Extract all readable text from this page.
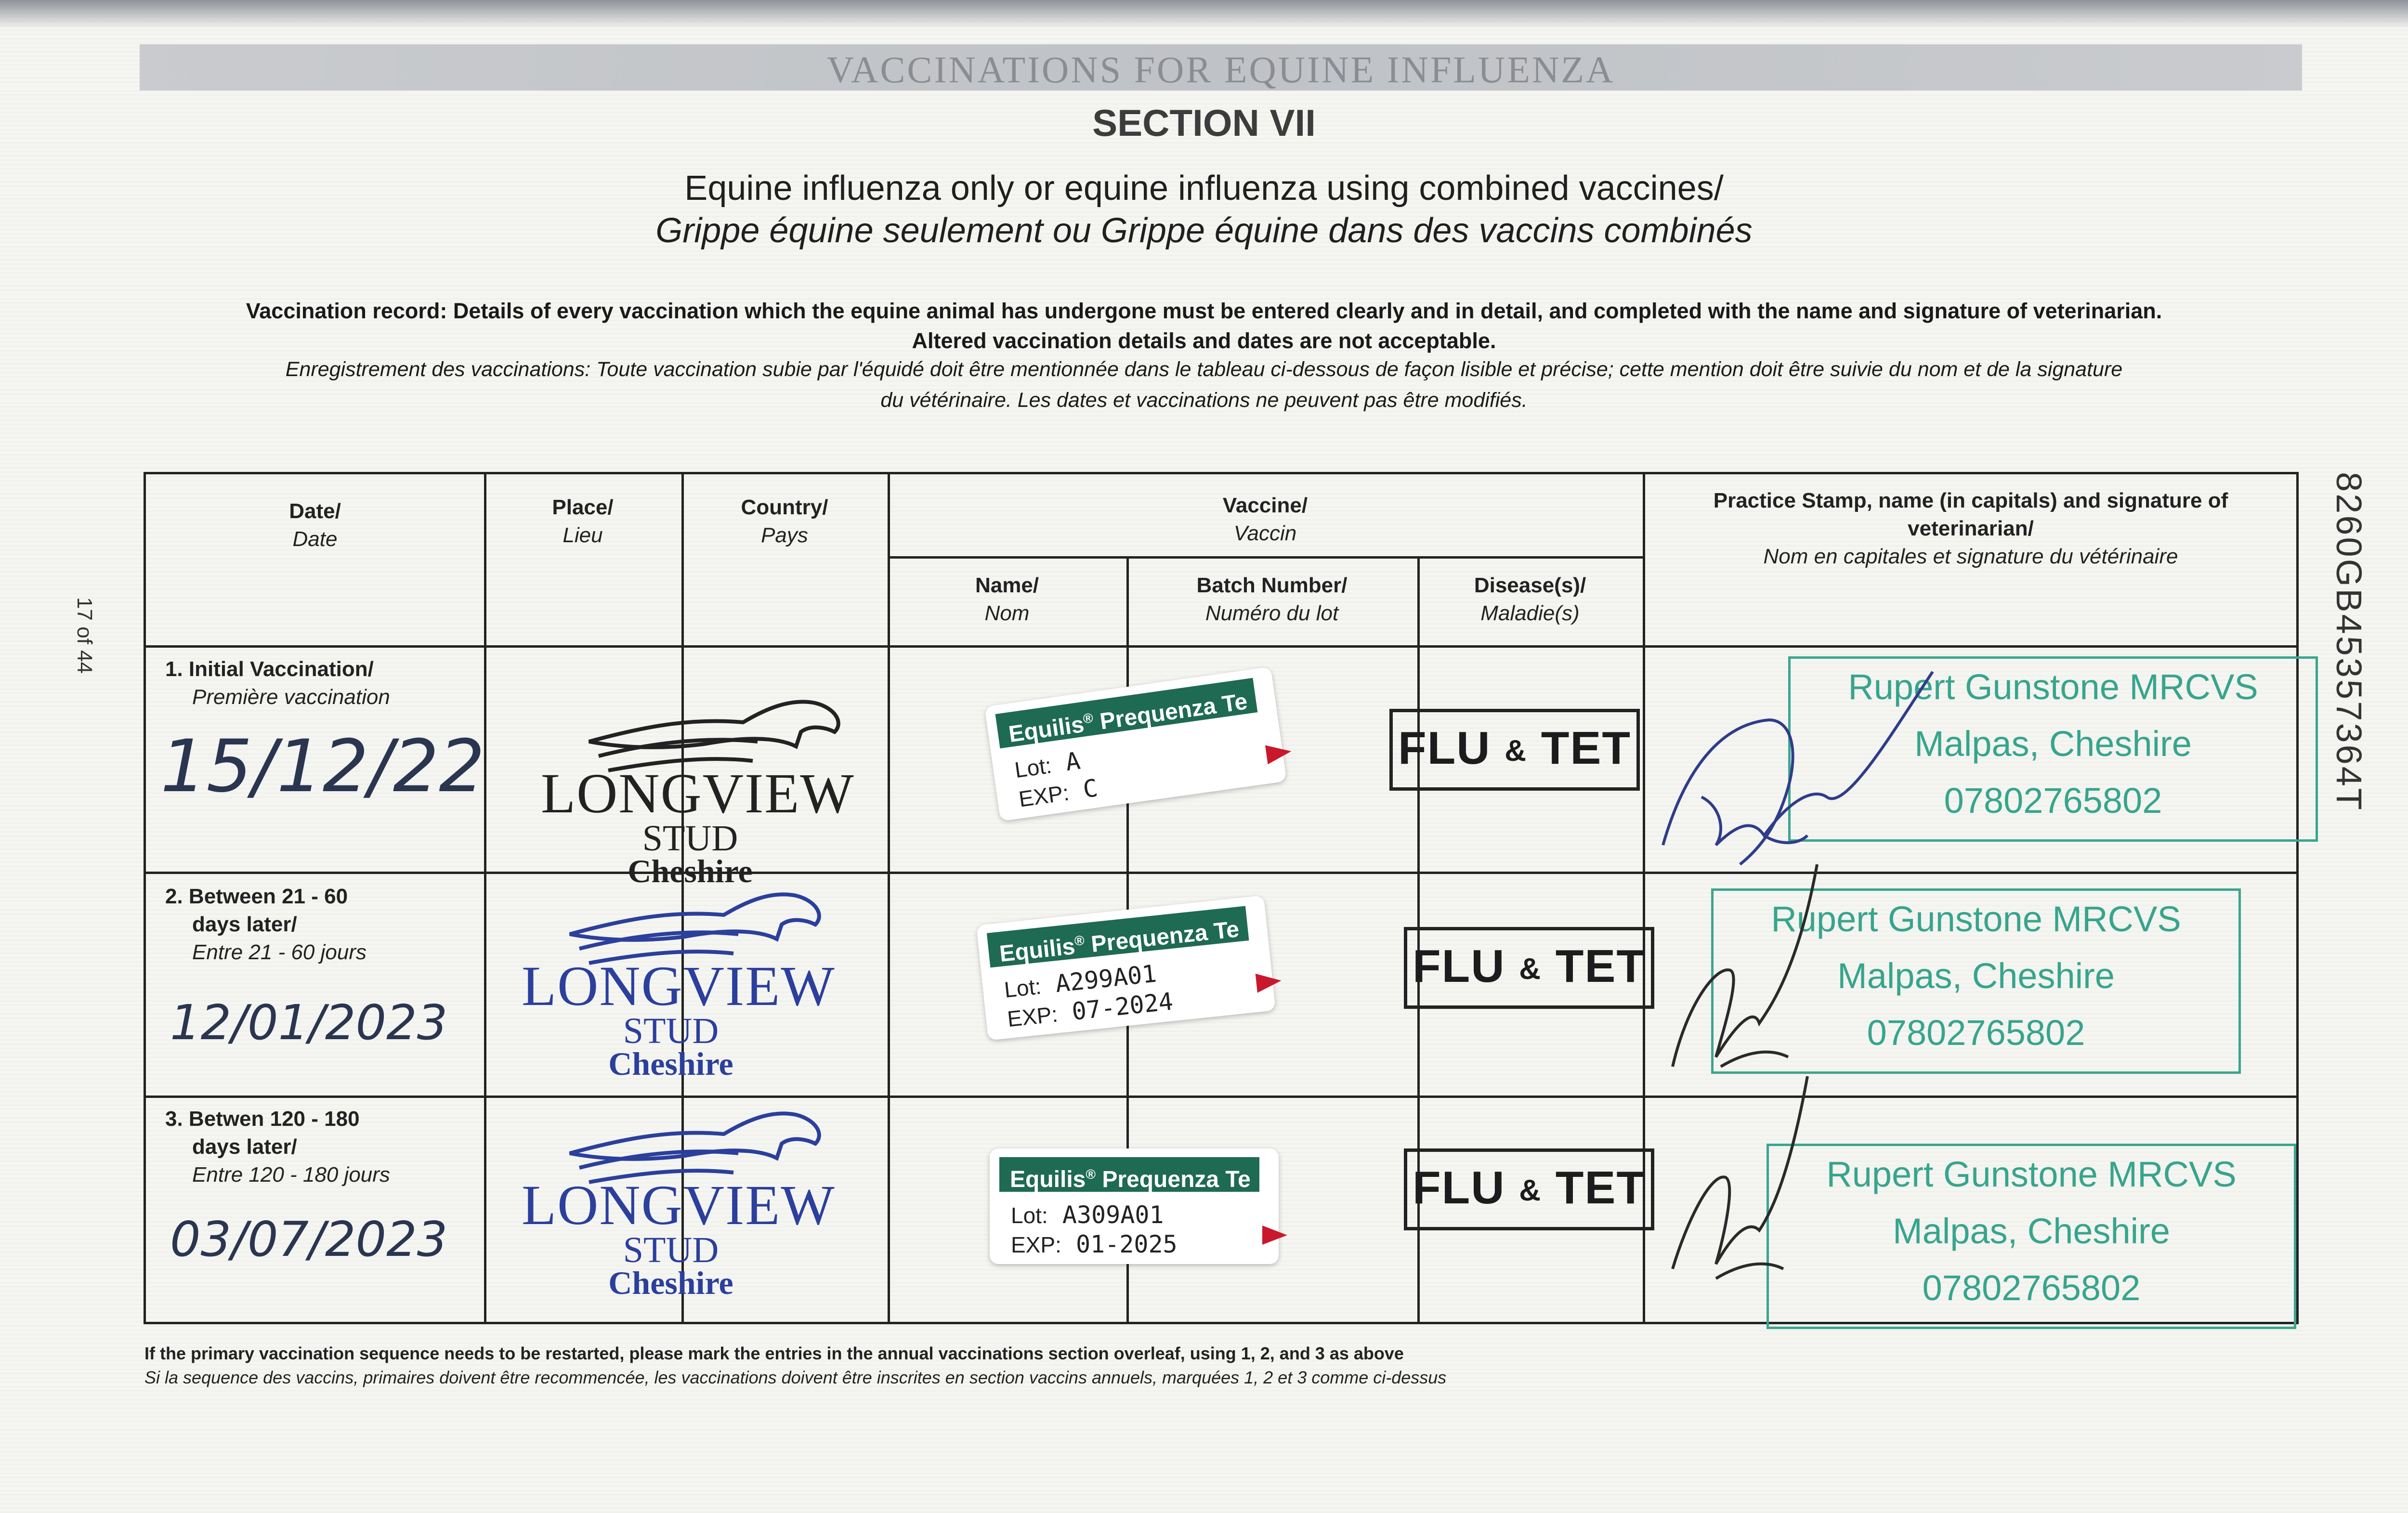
VACCINATIONS FOR EQUINE INFLUENZA
SECTION VII
Equine influenza only or equine influenza using combined vaccines/
Grippe équine seulement ou Grippe équine dans des vaccins combinés
Vaccination record: Details of every vaccination which the equine animal has undergone must be entered clearly and in detail, and completed with the name and signature of veterinarian.
Altered vaccination details and dates are not acceptable.
Enregistrement des vaccinations: Toute vaccination subie par l'équidé doit être mentionnée dans le tableau ci-dessous de façon lisible et précise; cette mention doit être suivie du nom et de la signature
du vétérinaire. Les dates et vaccinations ne peuvent pas être modifiés.
17 of 44	8260GB45357364T
Date/
Date
Place/
Lieu
Country/
Pays
Vaccine/
Vaccin
Name/
Nom
Batch Number/
Numéro du lot
Disease(s)/
Maladie(s)
Practice Stamp, name (in capitals) and signature of
veterinarian/
Nom en capitales et signature du vétérinaire
1. Initial Vaccination/
Première vaccination
15/12/22 LONGVIEW
STUD
Cheshire
Equilis® Prequenza Te
Lot: A
EXP: C
FLU & TET
Rupert Gunstone MRCVS
Malpas, Cheshire
07802765802
2. Between 21 - 60
days later/
Entre 21 - 60 jours
12/01/2023
LONGVIEW
STUD
Cheshire
Equilis® Prequenza Te
Lot: A299A01
EXP: 07-2024
FLU & TET
Rupert Gunstone MRCVS
Malpas, Cheshire
07802765802
3. Betwen 120 - 180
days later/
Entre 120 - 180 jours
03/07/2023
LONGVIEW
STUD
Cheshire
Equilis® Prequenza Te
Lot: A309A01
EXP: 01-2025
FLU & TET	Rupert Gunstone MRCVS
Malpas, Cheshire
07802765802
If the primary vaccination sequence needs to be restarted, please mark the entries in the annual vaccinations section overleaf, using 1, 2, and 3 as above
Si la sequence des vaccins, primaires doivent être recommencée, les vaccinations doivent être inscrites en section vaccins annuels, marquées 1, 2 et 3 comme ci-dessus
